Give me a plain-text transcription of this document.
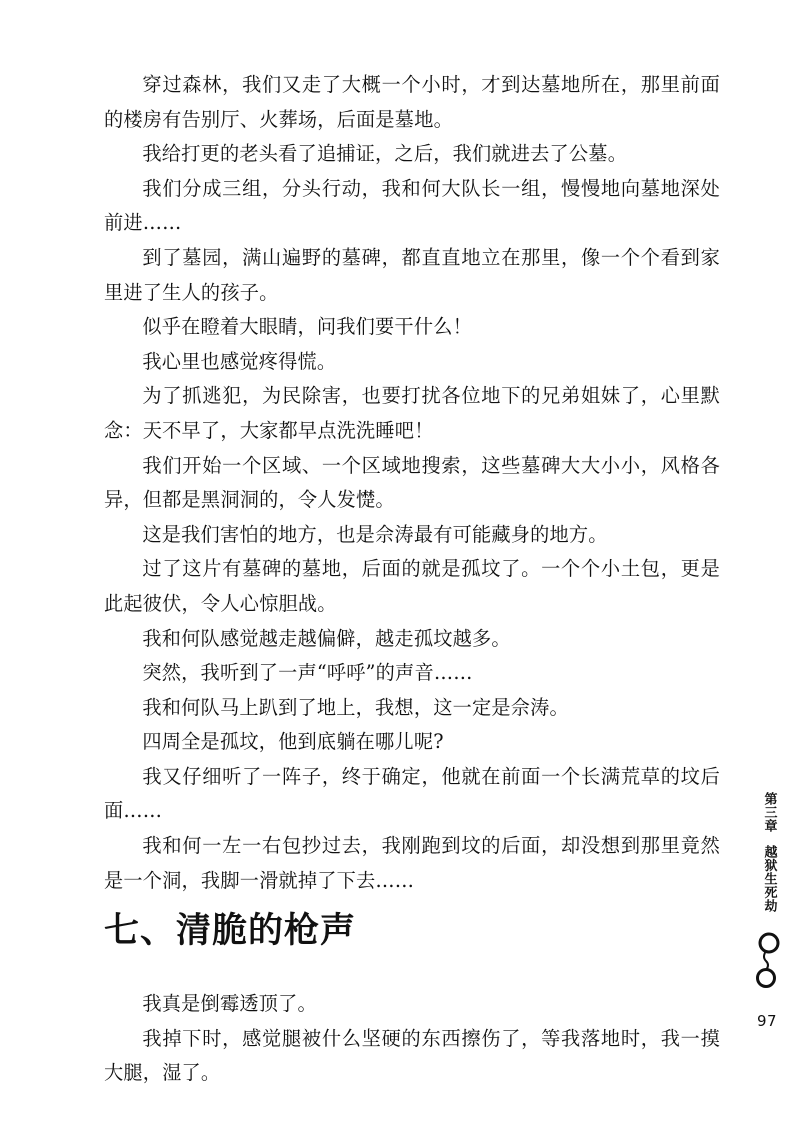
穿过森林，我们又走了大概一个小时，才到达墓地所在，那里前面的楼房有告别厅、火葬场，后面是墓地。

我给打更的老头看了追捕证，之后，我们就进去了公墓。

我们分成三组，分头行动，我和何大队长一组，慢慢地向墓地深处前进……

到了墓园，满山遍野的墓碑，都直直地立在那里，像一个个看到家里进了生人的孩子。

似乎在瞪着大眼睛，问我们要干什么！

我心里也感觉疼得慌。

为了抓逃犯，为民除害，也要打扰各位地下的兄弟姐妹了，心里默念：天不早了，大家都早点洗洗睡吧！

我们开始一个区域、一个区域地搜索，这些墓碑大大小小，风格各异，但都是黑洞洞的，令人发憷。

这是我们害怕的地方，也是佘涛最有可能藏身的地方。

过了这片有墓碑的墓地，后面的就是孤坟了。一个个小土包，更是此起彼伏，令人心惊胆战。

我和何队感觉越走越偏僻，越走孤坟越多。

突然，我听到了一声“呼呼”的声音……

我和何队马上趴到了地上，我想，这一定是佘涛。

四周全是孤坟，他到底躺在哪儿呢?

我又仔细听了一阵子，终于确定，他就在前面一个长满荒草的坟后面……

我和何一左一右包抄过去，我刚跑到坟的后面，却没想到那里竟然是一个洞，我脚一滑就掉了下去……

七、清脆的枪声

我真是倒霉透顶了。

我掉下时，感觉腿被什么坚硬的东西擦伤了，等我落地时，我一摸大腿，湿了。

第三章
越狱生死劫
97
